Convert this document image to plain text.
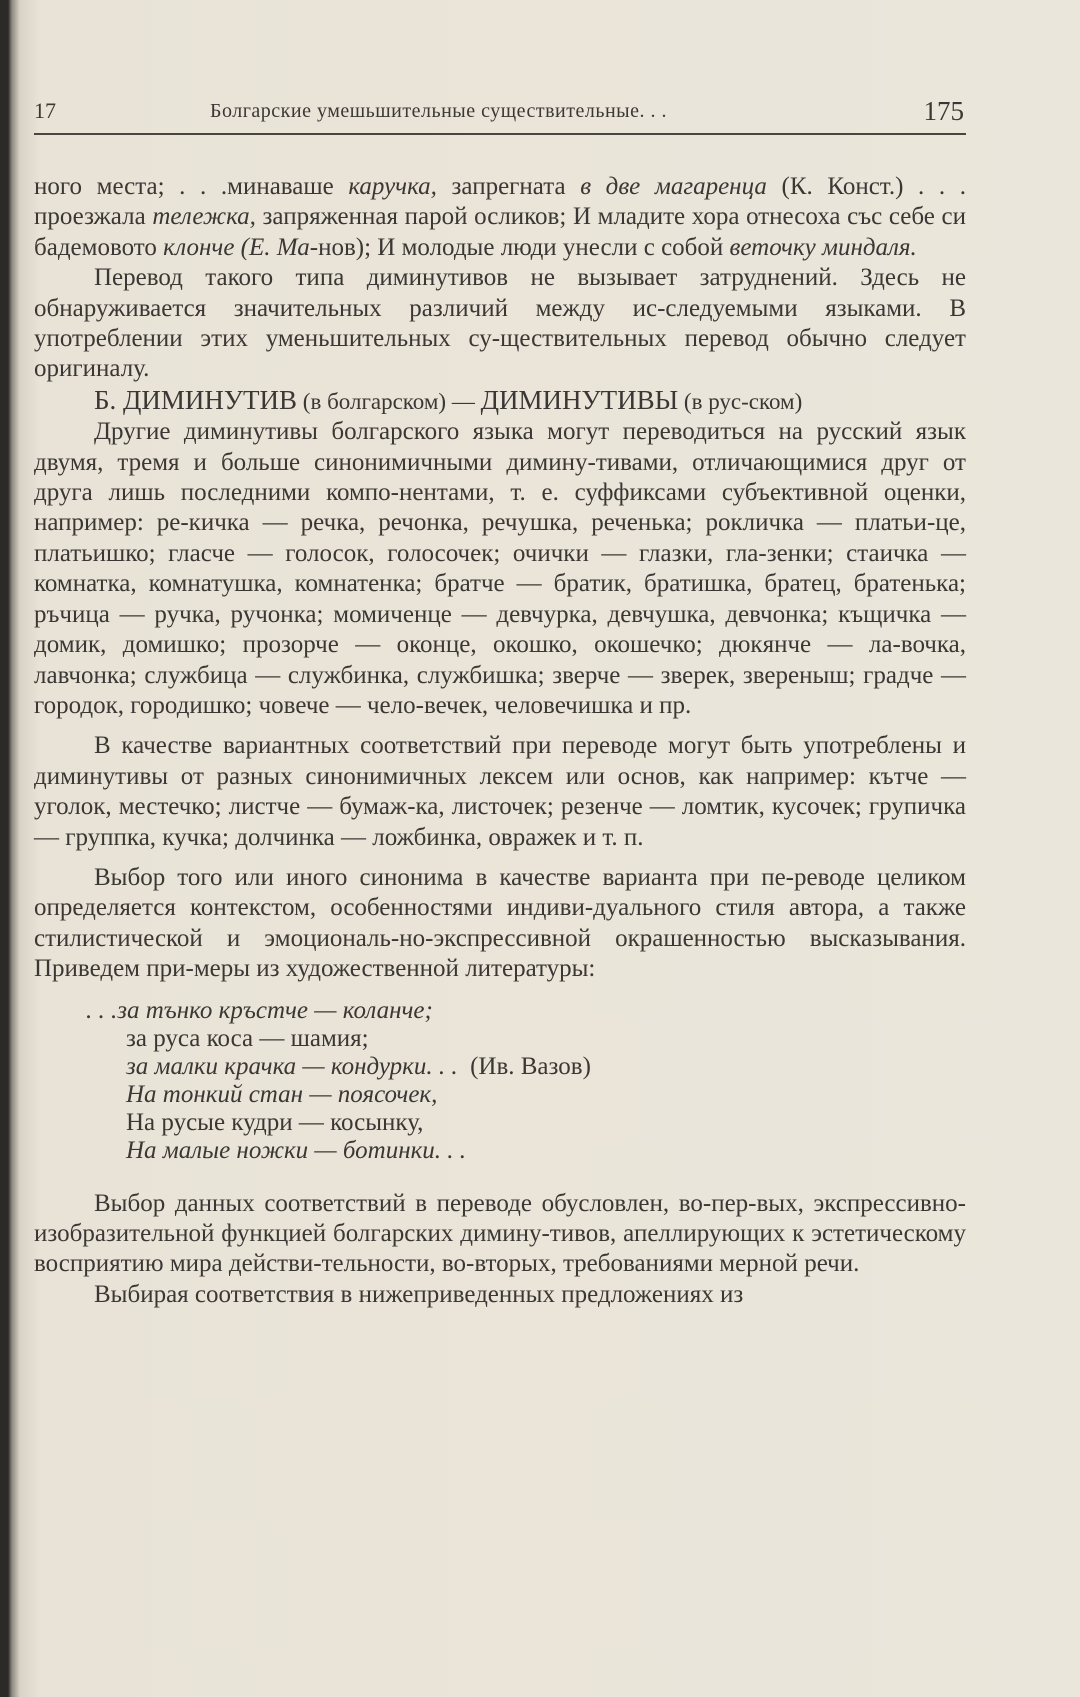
17	Болгарские умешьшительные существительные. . .	175

ного места; . . .минаваше каручка, запрегната в две магаренца (К. Конст.) . . . проезжала тележка, запряженная парой осликов; И младите хора отнесоха със себе си бадемовото клонче (Е. Ма-нов); И молодые люди унесли с собой веточку миндаля.

Перевод такого типа диминутивов не вызывает затруднений. Здесь не обнаруживается значительных различий между ис-следуемыми языками. В употреблении этих уменьшительных су-ществительных перевод обычно следует оригиналу.

Б. ДИМИНУТИВ (в болгарском) — ДИМИНУТИВЫ (в рус-ском)

Другие диминутивы болгарского языка могут переводиться на русский язык двумя, тремя и больше синонимичными димину-тивами, отличающимися друг от друга лишь последними компо-нентами, т. е. суффиксами субъективной оценки, например: ре-кичка — речка, речонка, речушка, реченька; рокличка — платьи-це, платьишко; гласче — голосок, голосочек; очички — глазки, гла-зенки; стаичка — комнатка, комнатушка, комнатенка; братче — братик, братишка, братец, братенька; ръчица — ручка, ручонка; момиченце — девчурка, девчушка, девчонка; къщичка — домик, домишко; прозорче — оконце, окошко, окошечко; дюкянче — ла-вочка, лавчонка; службица — службинка, службишка; зверче — зверек, звереныш; градче — городок, городишко; човече — чело-вечек, человечишка и пр.

В качестве вариантных соответствий при переводе могут быть употреблены и диминутивы от разных синонимичных лексем или основ, как например: кътче — уголок, местечко; листче — бумаж-ка, листочек; резенче — ломтик, кусочек; групичка — группка, кучка; долчинка — ложбинка, овражек и т. п.

Выбор того или иного синонима в качестве варианта при пе-реводе целиком определяется контекстом, особенностями индиви-дуального стиля автора, а также стилистической и эмоциональ-но-экспрессивной окрашенностью высказывания. Приведем при-меры из художественной литературы:

. . .за тънко кръстче — коланче;
за руса коса — шамия;
за малки крачка — кондурки. . . (Ив. Вазов)
На тонкий стан — поясочек,
На русые кудри — косынку,
На малые ножки — ботинки. . .

Выбор данных соответствий в переводе обусловлен, во-пер-вых, экспрессивно-изобразительной функцией болгарских димину-тивов, апеллирующих к эстетическому восприятию мира действи-тельности, во-вторых, требованиями мерной речи.

Выбирая соответствия в нижеприведенных предложениях из
